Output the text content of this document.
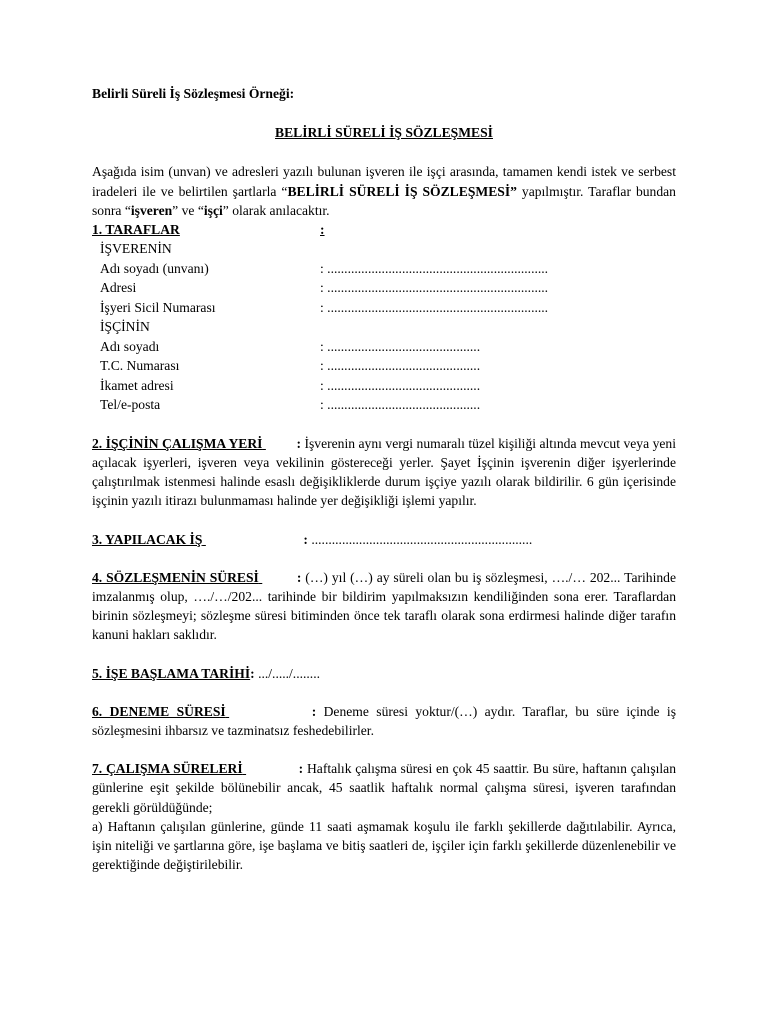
Belirli Süreli İş Sözleşmesi Örneği:
BELİRLİ SÜRELİ İŞ SÖZLEŞMESİ
Aşağıda isim (unvan) ve adresleri yazılı bulunan işveren ile işçi arasında, tamamen kendi istek ve serbest iradeleri ile ve belirtilen şartlarla “BELİRLİ SÜRELİ İŞ SÖZLEŞMESİ” yapılmıştır. Taraflar bundan sonra “işveren” ve “işçi” olarak anılacaktır.
1. TARAFLAR	:
İŞVERENİN
Adı soyadı (unvanı)	: .................................................................
Adresi	: .................................................................
İşyeri Sicil Numarası	: .................................................................
İŞÇİNİN
Adı soyadı	: .............................................
T.C. Numarası	: .............................................
İkamet adresi	: .............................................
Tel/e-posta	: .............................................
2. İŞÇİNİN ÇALIŞMA YERİ	: İşverenin aynı vergi numaralı tüzel kişiliği altında mevcut veya yeni açılacak işyerleri, işveren veya vekilinin göstereceği yerler. Şayet İşçinin işverenin diğer işyerlerinde çalıştırılmak istenmesi halinde esaslı değişikliklerde durum işçiye yazılı olarak bildirilir. 6 gün içerisinde işçinin yazılı itirazı bulunmaması halinde yer değişikliği işlemi yapılır.
3. YAPILACAK İŞ	: .................................................................
4. SÖZLEŞMENİN SÜRESİ	: (…) yıl (…) ay süreli olan bu iş sözleşmesi, …./… 202... Tarihinde imzalanmış olup, …./…/202... tarihinde bir bildirim yapılmaksızın kendiliğinden sona erer. Taraflardan birinin sözleşmeyi; sözleşme süresi bitiminden önce tek taraflı olarak sona erdirmesi halinde diğer tarafın kanuni hakları saklıdır.
5. İŞE BAŞLAMA TARİHİ: .../...../........
6. DENEME SÜRESİ	: Deneme süresi yoktur/(…) aydır. Taraflar, bu süre içinde iş sözleşmesini ihbarsız ve tazminatsız feshedebilirler.
7. ÇALIŞMA SÜRELERİ	: Haftalık çalışma süresi en çok 45 saattir. Bu süre, haftanın çalışılan günlerine eşit şekilde bölünebilir ancak, 45 saatlik haftalık normal çalışma süresi, işveren tarafından gerekli görüldüğünde;
a) Haftanın çalışılan günlerine, günde 11 saati aşmamak koşulu ile farklı şekillerde dağıtılabilir. Ayrıca, işin niteliği ve şartlarına göre, işe başlama ve bitiş saatleri de, işçiler için farklı şekillerde düzenlenebilir ve gerektiğinde değiştirilebilir.
